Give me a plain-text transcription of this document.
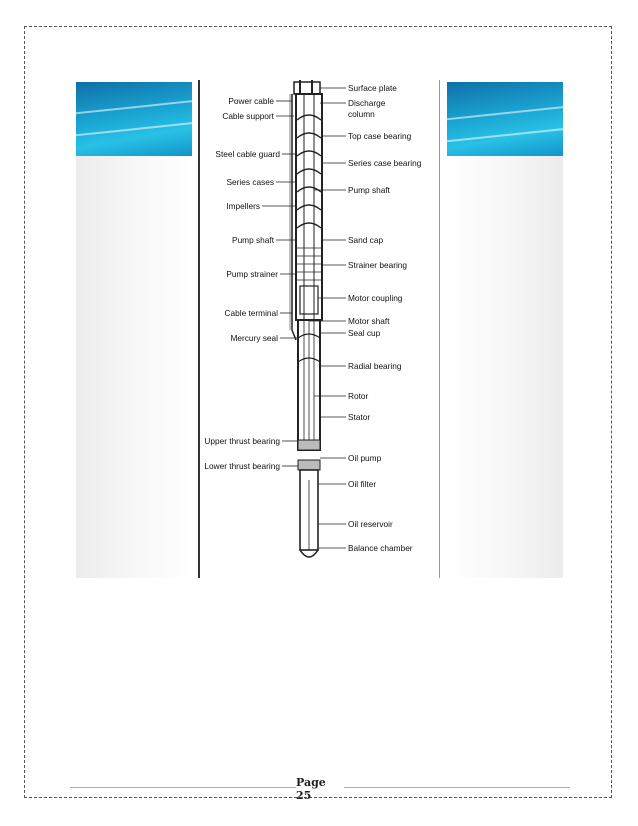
Power cable
Cable support
Steel cable guard
Series cases
Impellers
Pump shaft
Pump strainer
Cable terminal
Mercury seal
Upper thrust bearing
Lower thrust bearing
Surface plate
Discharge
column
Top case bearing
Series case bearing
Pump shaft
Sand cap
Strainer bearing
Motor coupling
Motor shaft
Seal cup
Radial bearing
Rotor
Stator
Oil pump
Oil filter
Oil reservoir
Balance chamber
Page
25
